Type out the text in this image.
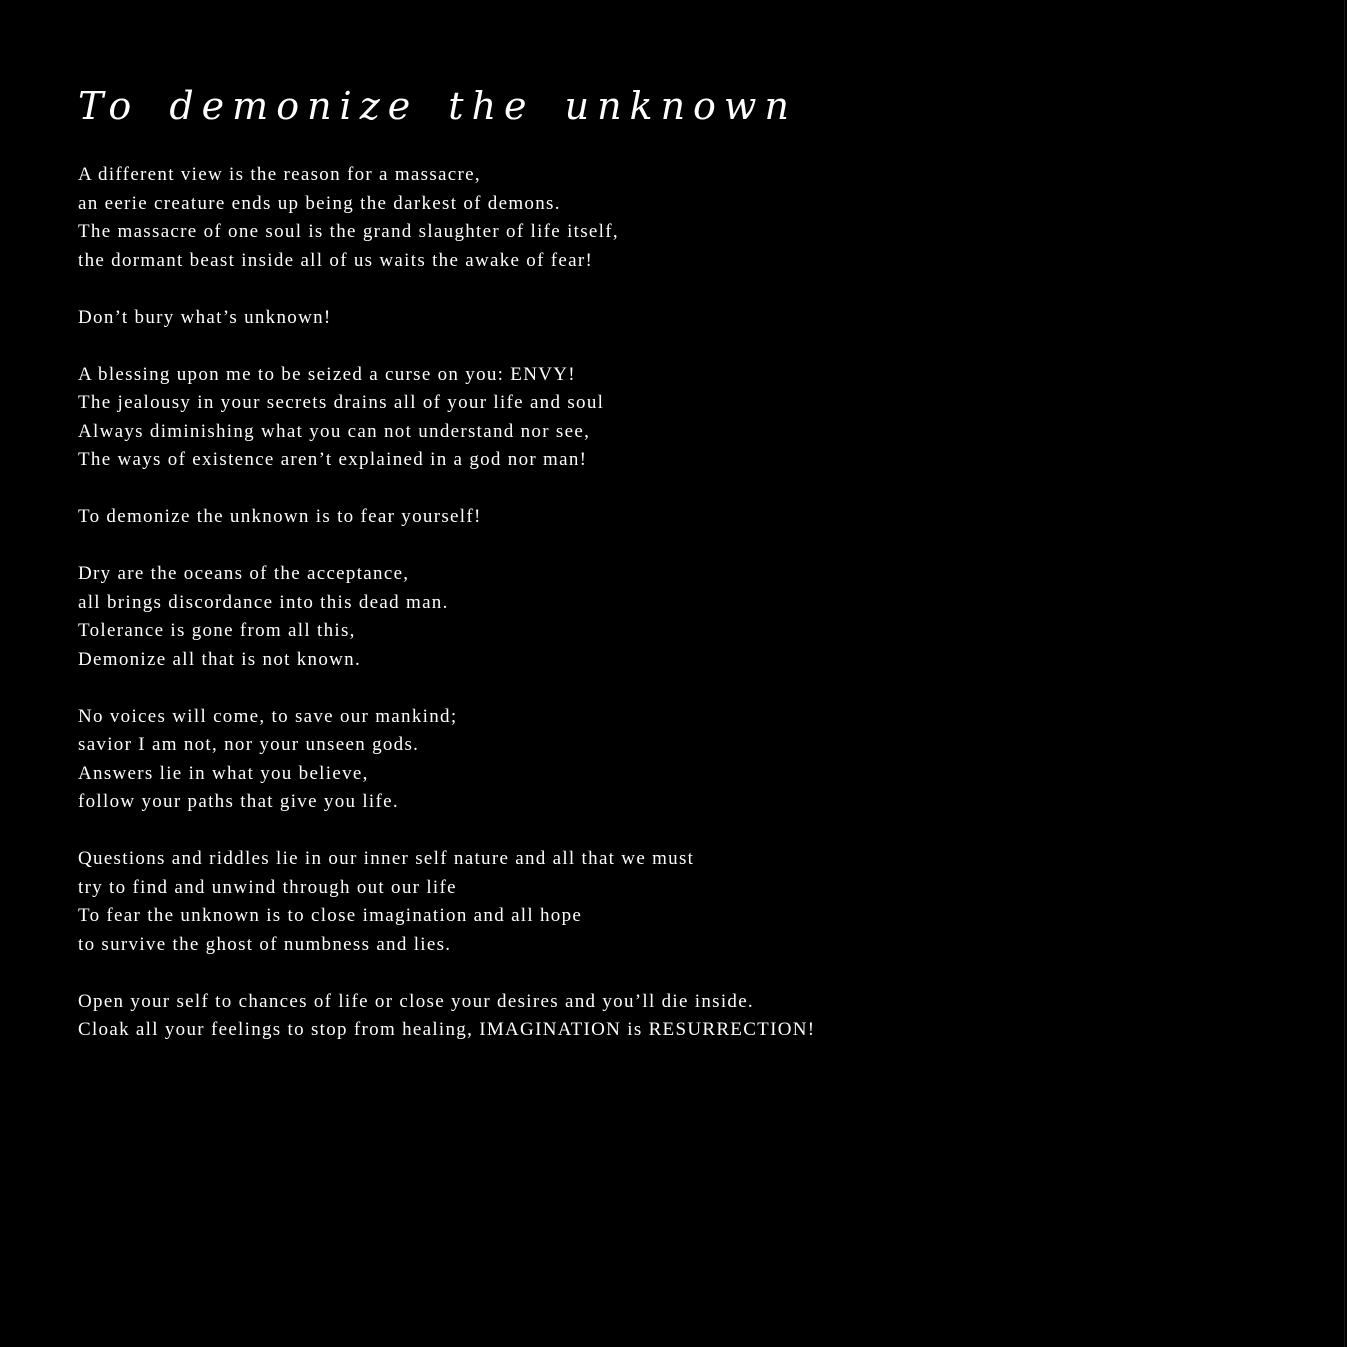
To demonize the unknown
A different view is the reason for a massacre,
an eerie creature ends up being the darkest of demons.
The massacre of one soul is the grand slaughter of life itself,
the dormant beast inside all of us waits the awake of fear!
Don’t bury what’s unknown!
A blessing upon me to be seized a curse on you: ENVY!
The jealousy in your secrets drains all of your life and soul
Always diminishing what you can not understand nor see,
The ways of existence aren’t explained in a god nor man!
To demonize the unknown is to fear yourself!
Dry are the oceans of the acceptance,
all brings discordance into this dead man.
Tolerance is gone from all this,
Demonize all that is not known.
No voices will come, to save our mankind;
savior I am not, nor your unseen gods.
Answers lie in what you believe,
follow your paths that give you life.
Questions and riddles lie in our inner self nature and all that we must
try to find and unwind through out our life
To fear the unknown is to close imagination and all hope
to survive the ghost of numbness and lies.
Open your self to chances of life or close your desires and you’ll die inside.
Cloak all your feelings to stop from healing, IMAGINATION is RESURRECTION!
